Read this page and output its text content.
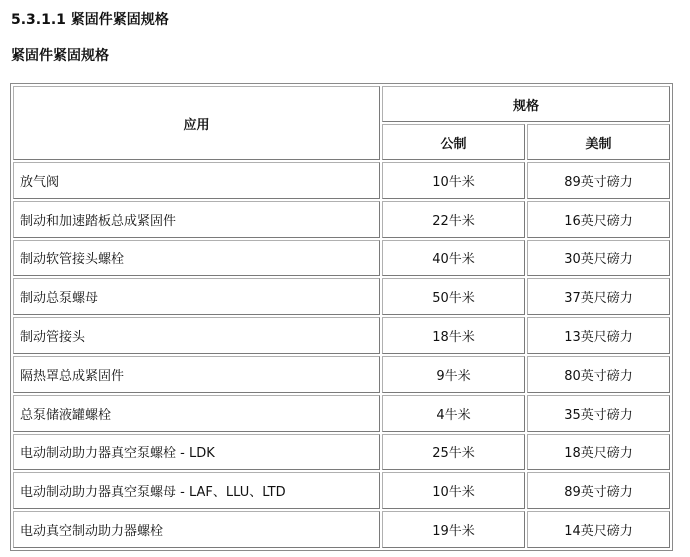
5.3.1.1 紧固件紧固规格
紧固件紧固规格
应用	规格	
	公制	美制
放气阀	10牛米	89英寸磅力
制动和加速踏板总成紧固件	22牛米	16英尺磅力
制动软管接头螺栓	40牛米	30英尺磅力
制动总泵螺母	50牛米	37英尺磅力
制动管接头	18牛米	13英尺磅力
隔热罩总成紧固件	9牛米	80英寸磅力
总泵储液罐螺栓	4牛米	35英寸磅力
电动制动助力器真空泵螺栓 - LDK	25牛米	18英尺磅力
电动制动助力器真空泵螺母 - LAF、LLU、LTD	10牛米	89英寸磅力
电动真空制动助力器螺栓	19牛米	14英尺磅力
